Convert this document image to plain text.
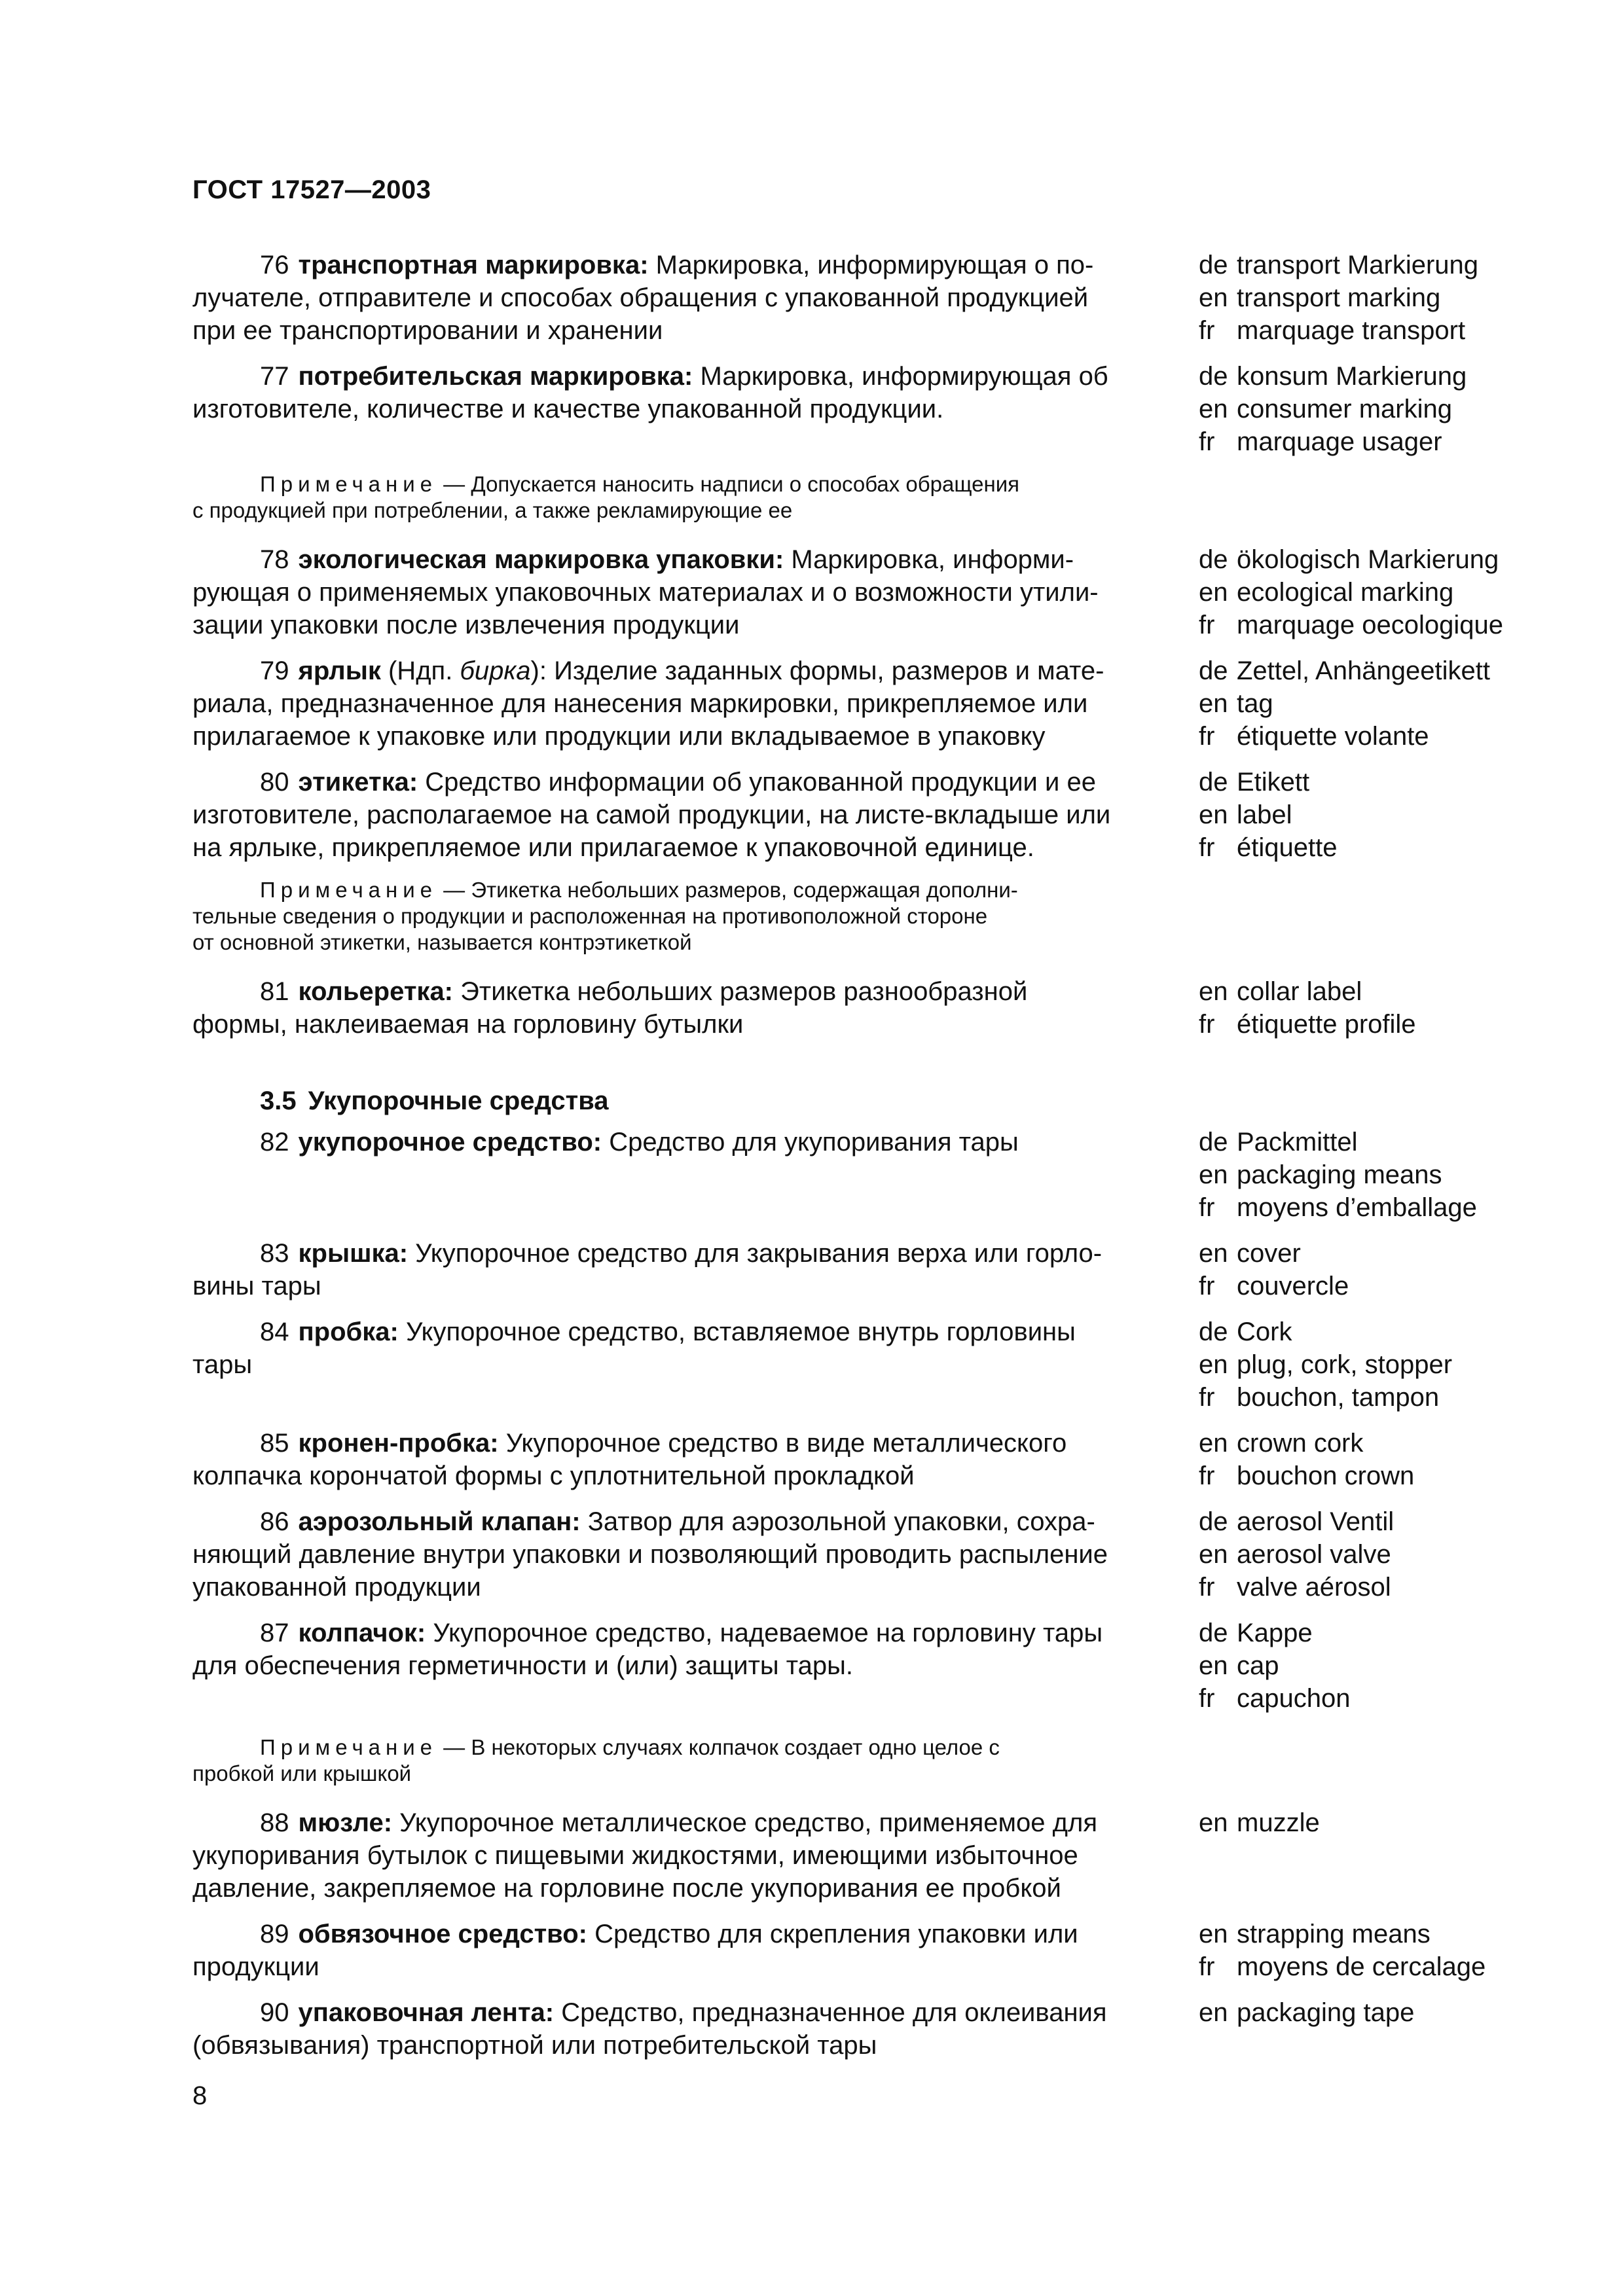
ГОСТ 17527—2003
3.5 Укупорочные средства
76 транспортная маркировка: Маркировка, информирующая о по-
лучателе, отправителе и способах обращения с упакованной продукцией
при ее транспортировании и хранении
de transport Markierung
en transport marking
fr marquage transport
77 потребительская маркировка: Маркировка, информирующая об
изготовителе, количестве и качестве упакованной продукции.
de konsum Markierung
en consumer marking
fr marquage usager
78 экологическая маркировка упаковки: Маркировка, информи-
рующая о применяемых упаковочных материалах и о возможности утили-
зации упаковки после извлечения продукции
de ökologisch Markierung
en ecological marking
fr marquage oecologique
79 ярлык (Ндп. бирка): Изделие заданных формы, размеров и мате-
риала, предназначенное для нанесения маркировки, прикрепляемое или
прилагаемое к упаковке или продукции или вкладываемое в упаковку
de Zettel, Anhängeetikett
en tag
fr étiquette volante
80 этикетка: Средство информации об упакованной продукции и ее
изготовителе, располагаемое на самой продукции, на листе-вкладыше или
на ярлыке, прикрепляемое или прилагаемое к упаковочной единице.
de Etikett
en label
fr étiquette
81 кольеретка: Этикетка небольших размеров разнообразной
формы, наклеиваемая на горловину бутылки
en collar label
fr étiquette profile
82 укупорочное средство: Средство для укупоривания тары	de Packmittel
en packaging means
fr moyens d’emballage
83 крышка: Укупорочное средство для закрывания верха или горло-
вины тары
en cover
fr couvercle
84 пробка: Укупорочное средство, вставляемое внутрь горловины
тары
de Cork
en plug, cork, stopper
fr bouchon, tampon
85 кронен-пробка: Укупорочное средство в виде металлического
колпачка корончатой формы с уплотнительной прокладкой
en crown cork
fr bouchon crown
86 аэрозольный клапан: Затвор для аэрозольной упаковки, сохра-
няющий давление внутри упаковки и позволяющий проводить распыление
упакованной продукции
de aerosol Ventil
en aerosol valve
fr valve aérosol
87 колпачок: Укупорочное средство, надеваемое на горловину тары
для обеспечения герметичности и (или) защиты тары.
de Kappe
en cap
fr capuchon
88 мюзле: Укупорочное металлическое средство, применяемое для
укупоривания бутылок с пищевыми жидкостями, имеющими избыточное
давление, закрепляемое на горловине после укупоривания ее пробкой
en muzzle
89 обвязочное средство: Средство для скрепления упаковки или
продукции
en strapping means
fr moyens de cercalage
90 упаковочная лента: Средство, предназначенное для оклеивания
(обвязывания) транспортной или потребительской тары
en packaging tape
Примечание — Допускается наносить надписи о способах обращения
с продукцией при потреблении, а также рекламирующие ее
Примечание — Этикетка небольших размеров, содержащая дополни-
тельные сведения о продукции и расположенная на противоположной стороне
от основной этикетки, называется контрэтикеткой
Примечание — В некоторых случаях колпачок создает одно целое с
пробкой или крышкой
8
